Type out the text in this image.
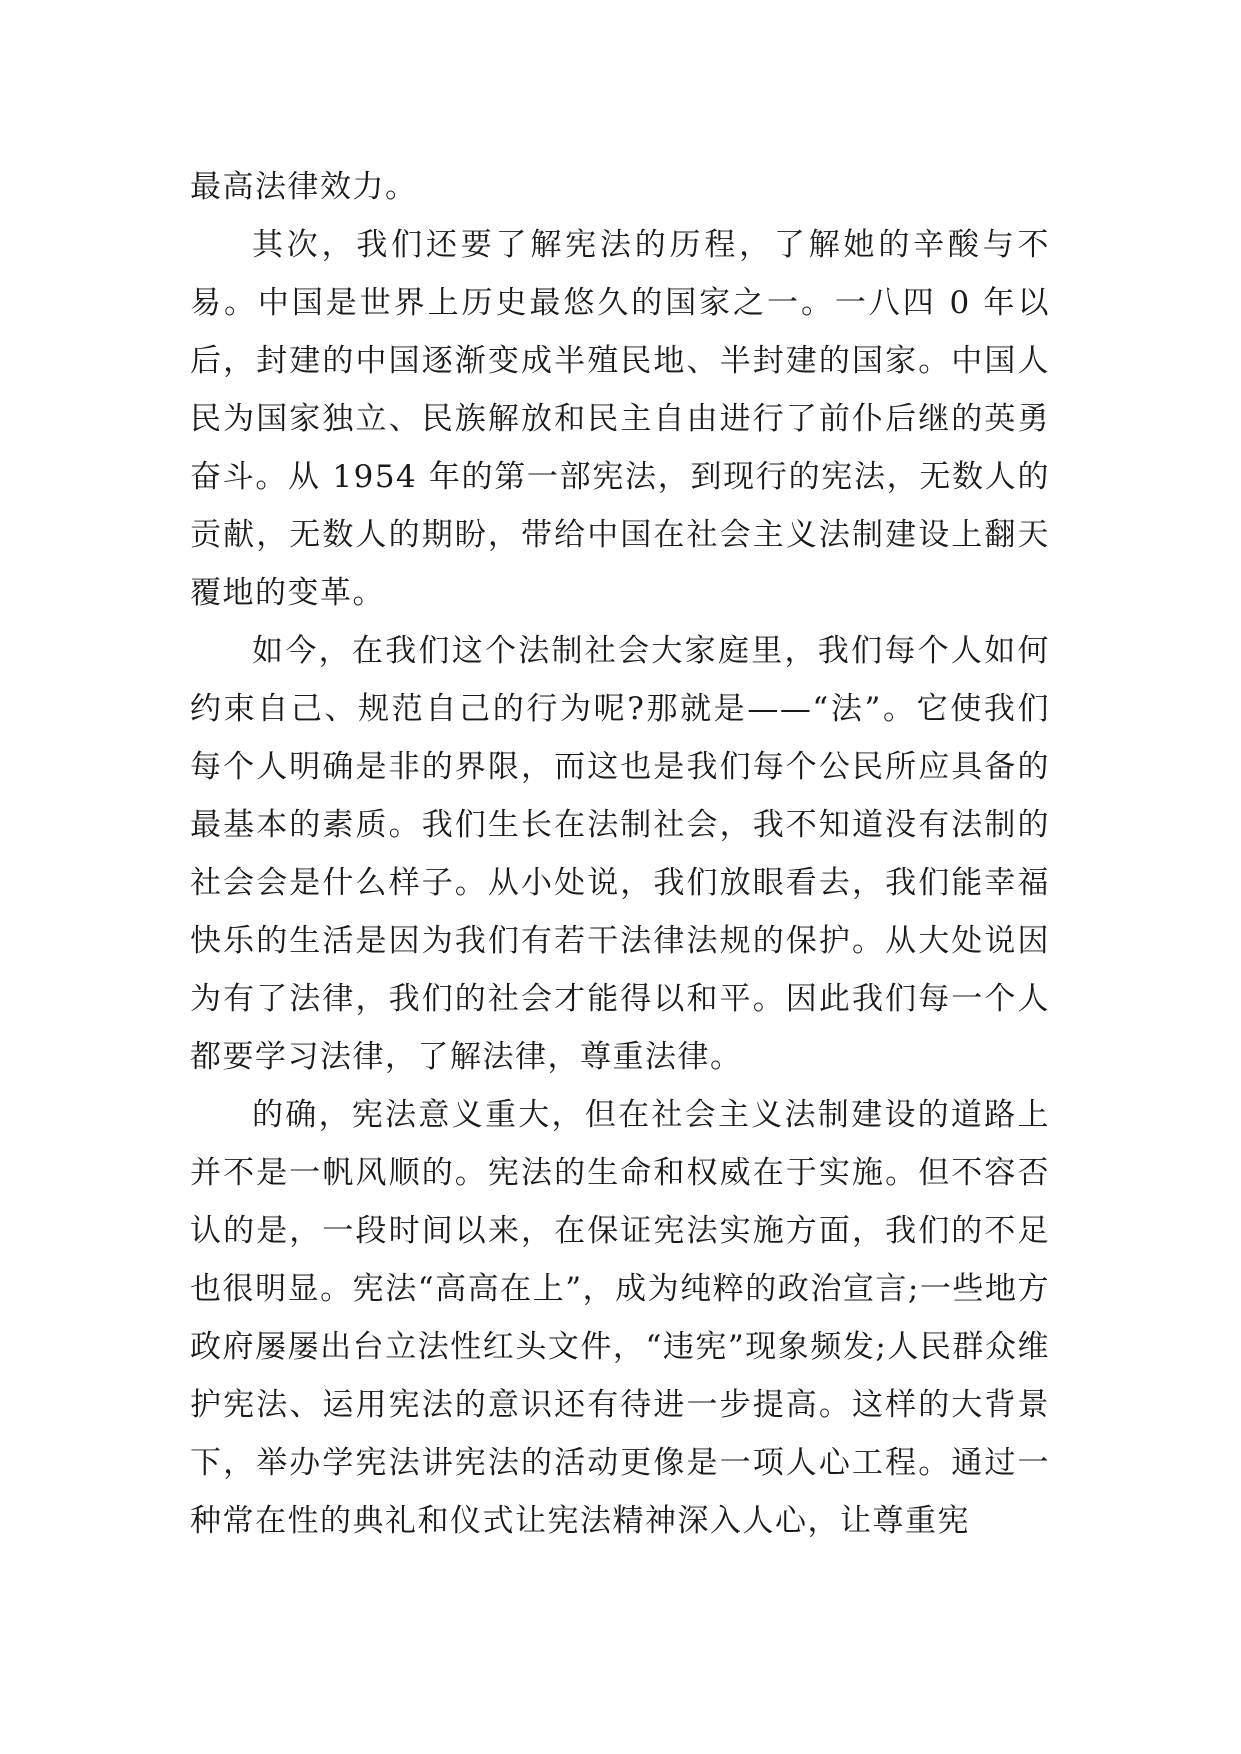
最高法律效力。

其次，我们还要了解宪法的历程，了解她的辛酸与不易。中国是世界上历史最悠久的国家之一。一八四 0 年以后，封建的中国逐渐变成半殖民地、半封建的国家。中国人民为国家独立、民族解放和民主自由进行了前仆后继的英勇奋斗。从 1954 年的第一部宪法，到现行的宪法，无数人的贡献，无数人的期盼，带给中国在社会主义法制建设上翻天覆地的变革。

如今，在我们这个法制社会大家庭里，我们每个人如何约束自己、规范自己的行为呢?那就是——“法”。它使我们每个人明确是非的界限，而这也是我们每个公民所应具备的最基本的素质。我们生长在法制社会，我不知道没有法制的社会会是什么样子。从小处说，我们放眼看去，我们能幸福快乐的生活是因为我们有若干法律法规的保护。从大处说因为有了法律，我们的社会才能得以和平。因此我们每一个人都要学习法律，了解法律，尊重法律。

的确，宪法意义重大，但在社会主义法制建设的道路上并不是一帆风顺的。宪法的生命和权威在于实施。但不容否认的是，一段时间以来，在保证宪法实施方面，我们的不足也很明显。宪法“高高在上”，成为纯粹的政治宣言;一些地方政府屡屡出台立法性红头文件，“违宪”现象频发;人民群众维护宪法、运用宪法的意识还有待进一步提高。这样的大背景下，举办学宪法讲宪法的活动更像是一项人心工程。通过一种常在性的典礼和仪式让宪法精神深入人心，让尊重宪
